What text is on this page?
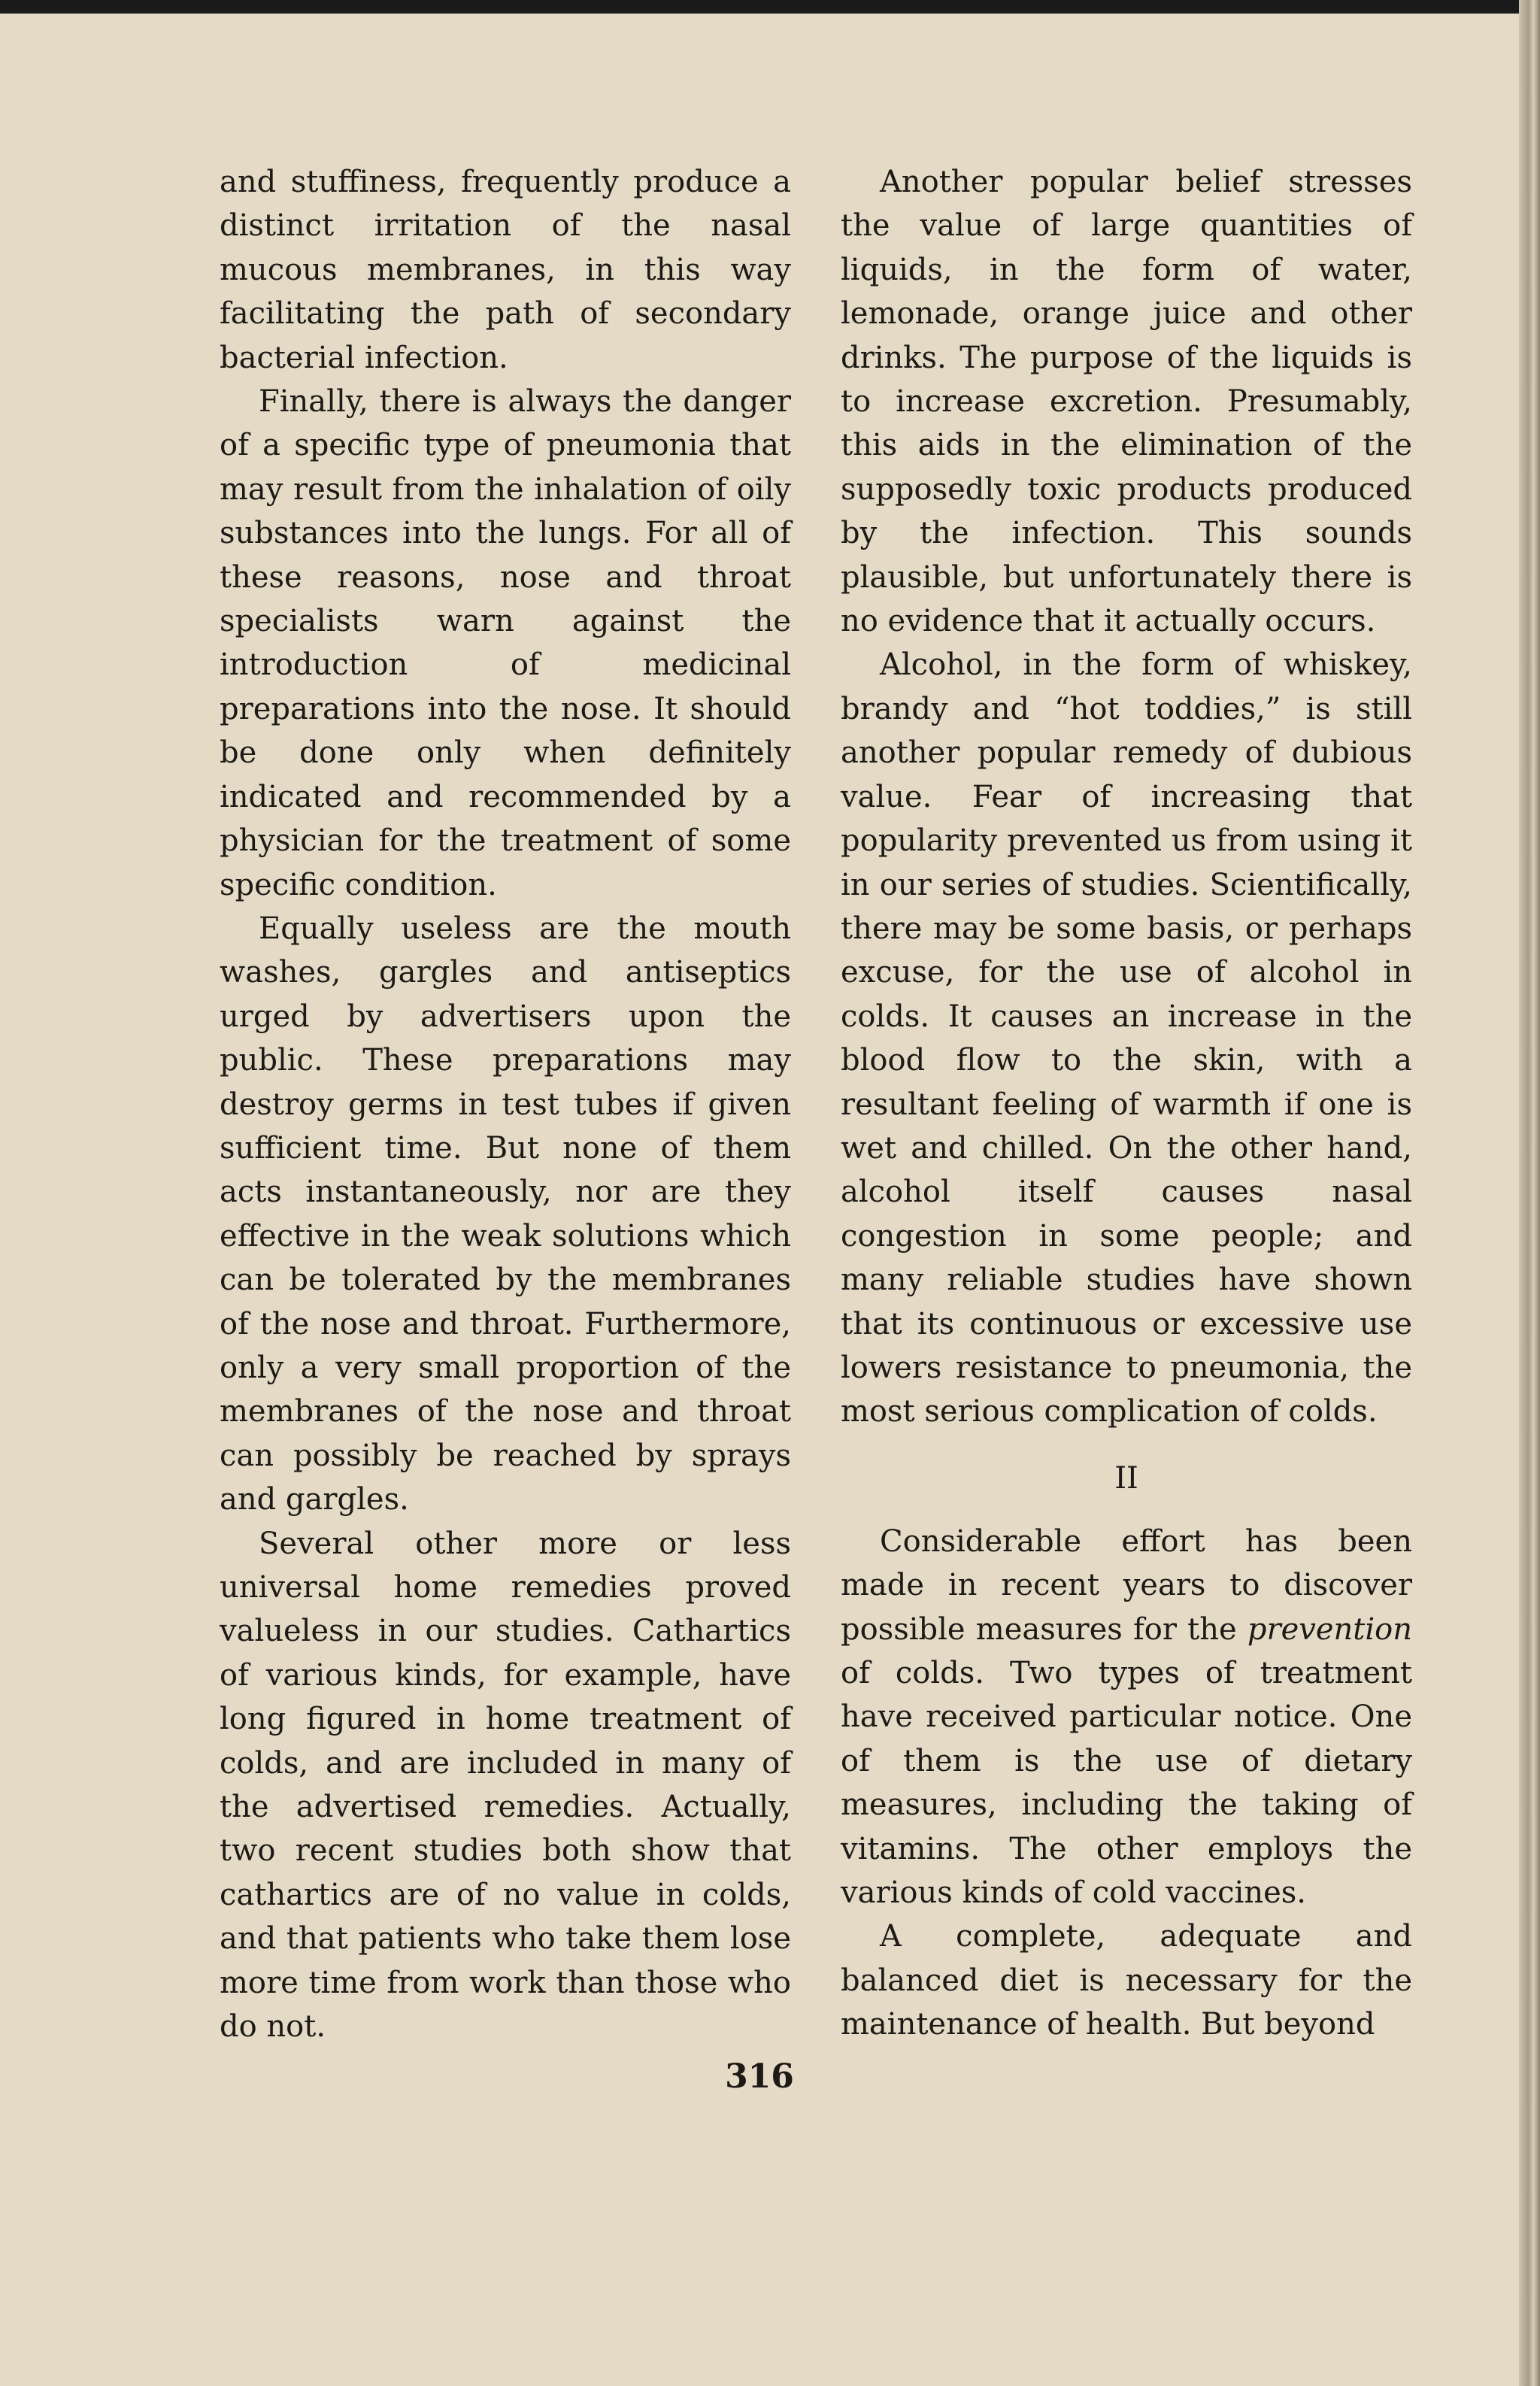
and stuffiness, frequently produce a distinct irritation of the nasal mucous membranes, in this way facilitating the path of secondary bacterial infection.

Finally, there is always the danger of a specific type of pneumonia that may result from the inhalation of oily substances into the lungs. For all of these reasons, nose and throat specialists warn against the introduction of medicinal preparations into the nose. It should be done only when definitely indicated and recommended by a physician for the treatment of some specific condition.

Equally useless are the mouth washes, gargles and antiseptics urged by advertisers upon the public. These preparations may destroy germs in test tubes if given sufficient time. But none of them acts instantaneously, nor are they effective in the weak solutions which can be tolerated by the membranes of the nose and throat. Furthermore, only a very small proportion of the membranes of the nose and throat can possibly be reached by sprays and gargles.

Several other more or less universal home remedies proved valueless in our studies. Cathartics of various kinds, for example, have long figured in home treatment of colds, and are included in many of the advertised remedies. Actually, two recent studies both show that cathartics are of no value in colds, and that patients who take them lose more time from work than those who do not.

Another popular belief stresses the value of large quantities of liquids, in the form of water, lemonade, orange juice and other drinks. The purpose of the liquids is to increase excretion. Presumably, this aids in the elimination of the supposedly toxic products produced by the infection. This sounds plausible, but unfortunately there is no evidence that it actually occurs.

Alcohol, in the form of whiskey, brandy and “hot toddies,” is still another popular remedy of dubious value. Fear of increasing that popularity prevented us from using it in our series of studies. Scientifically, there may be some basis, or perhaps excuse, for the use of alcohol in colds. It causes an increase in the blood flow to the skin, with a resultant feeling of warmth if one is wet and chilled. On the other hand, alcohol itself causes nasal congestion in some people; and many reliable studies have shown that its continuous or excessive use lowers resistance to pneumonia, the most serious complication of colds.

II

Considerable effort has been made in recent years to discover possible measures for the prevention of colds. Two types of treatment have received particular notice. One of them is the use of dietary measures, including the taking of vitamins. The other employs the various kinds of cold vaccines.

A complete, adequate and balanced diet is necessary for the maintenance of health. But beyond

316
